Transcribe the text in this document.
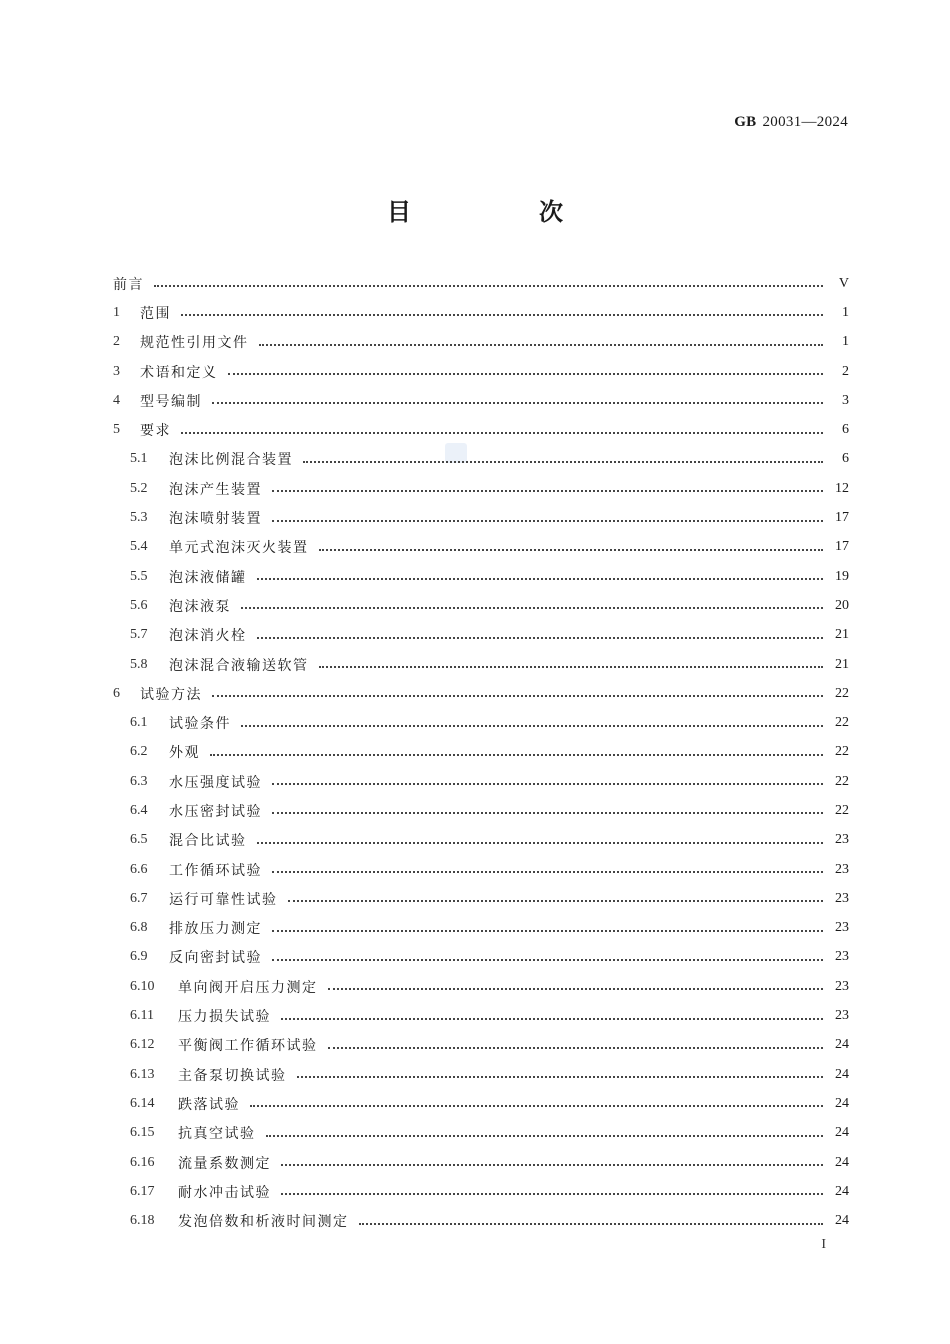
GB 20031—2024
目　次
前言	V
1	范围	1
2	规范性引用文件	1
3	术语和定义	2
4	型号编制	3
5	要求	6
5.1	泡沫比例混合装置	6
5.2	泡沫产生装置	12
5.3	泡沫喷射装置	17
5.4	单元式泡沫灭火装置	17
5.5	泡沫液储罐	19
5.6	泡沫液泵	20
5.7	泡沫消火栓	21
5.8	泡沫混合液输送软管	21
6	试验方法	22
6.1	试验条件	22
6.2	外观	22
6.3	水压强度试验	22
6.4	水压密封试验	22
6.5	混合比试验	23
6.6	工作循环试验	23
6.7	运行可靠性试验	23
6.8	排放压力测定	23
6.9	反向密封试验	23
6.10	单向阀开启压力测定	23
6.11	压力损失试验	23
6.12	平衡阀工作循环试验	24
6.13	主备泵切换试验	24
6.14	跌落试验	24
6.15	抗真空试验	24
6.16	流量系数测定	24
6.17	耐水冲击试验	24
6.18	发泡倍数和析液时间测定	24
I
